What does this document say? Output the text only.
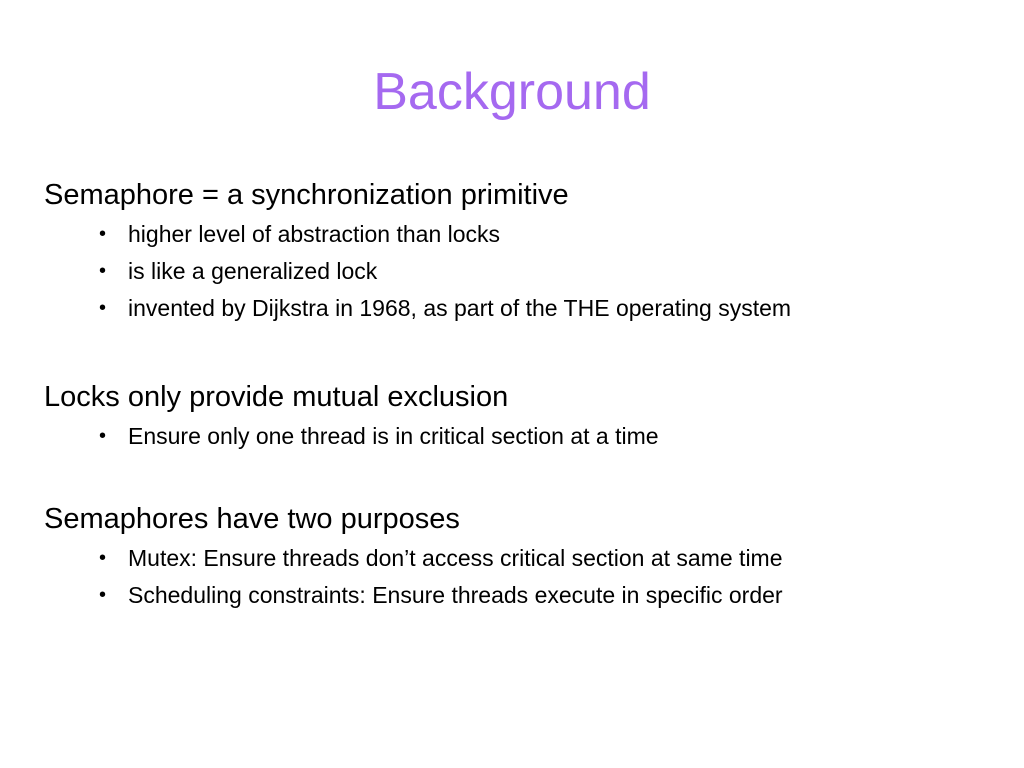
Background
Semaphore = a synchronization primitive
• higher level of abstraction than locks
• is like a generalized lock
• invented by Dijkstra in 1968, as part of the THE operating system
Locks only provide mutual exclusion
• Ensure only one thread is in critical section at a time
Semaphores have two purposes
• Mutex: Ensure threads don’t access critical section at same time
• Scheduling constraints: Ensure threads execute in specific order
